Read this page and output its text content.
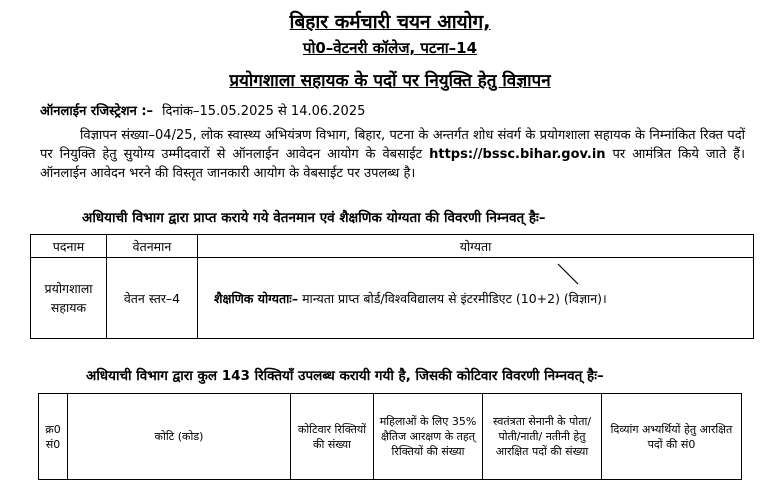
बिहार कर्मचारी चयन आयोग,
पो0–वेटनरी कॉलेज, पटना–14
प्रयोगशाला सहायक के पदों पर नियुक्ति हेतु विज्ञापन
ऑनलाईन रजिस्ट्रेशन :– दिनांक–15.05.2025 से 14.06.2025
विज्ञापन संख्या–04/25, लोक स्वास्थ्य अभियंत्रण विभाग, बिहार, पटना के अन्तर्गत शोध संवर्ग के प्रयोगशाला सहायक के निम्नांकित रिक्त पदों पर नियुक्ति हेतु सुयोग्य उम्मीदवारों से ऑनलाईन आवेदन आयोग के वेबसाईट https://bssc.bihar.gov.in पर आमंत्रित किये जाते हैं। ऑनलाईन आवेदन भरने की विस्तृत जानकारी आयोग के वेबसाईट पर उपलब्ध है।
अधियाची विभाग द्वारा प्राप्त कराये गये वेतनमान एवं शैक्षणिक योग्यता की विवरणी निम्नवत् हैः–
पदनाम	वेतनमान	योग्यता
प्रयोगशाला सहायक	वेतन स्तर–4	शैक्षणिक योग्यताः– मान्यता प्राप्त बोर्ड/विश्वविद्यालय से इंटरमीडिएट (10+2) (विज्ञान)।
अधियाची विभाग द्वारा कुल 143 रिक्तियाँ उपलब्ध करायी गयी है, जिसकी कोटिवार विवरणी निम्नवत् हैः–
क्र0 सं0	कोटि (कोड)	कोटिवार रिक्तियों की संख्या	महिलाओं के लिए 35% क्षैतिज आरक्षण के तहत् रिक्तियों की संख्या	स्वतंत्रता सेनानी के पोता/पोती/नाती/ नतीनी हेतु आरक्षित पदों की संख्या	दिव्यांग अभ्यर्थियों हेतु आरक्षित पदों की सं0
